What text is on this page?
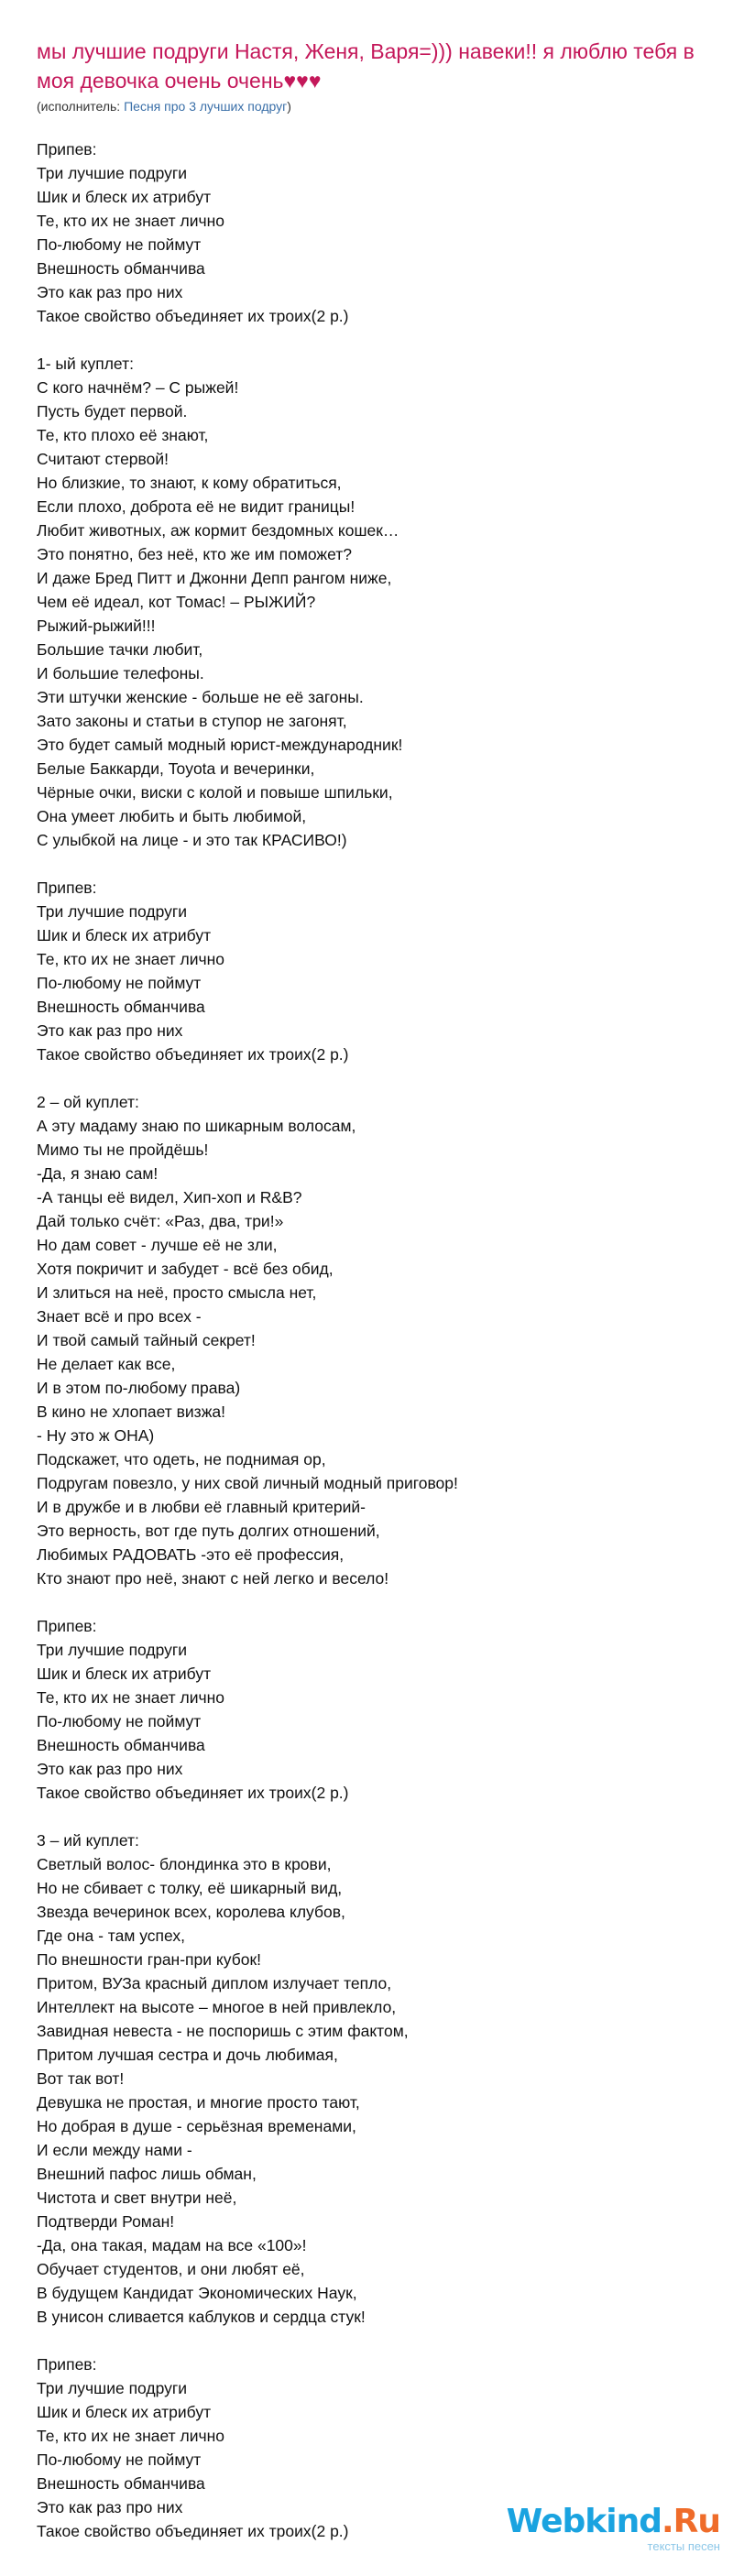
мы лучшие подруги Настя, Женя, Варя=))) навеки!! я люблю тебя в моя девочка очень очень♥♥♥
(исполнитель: Песня про 3 лучших подруг)
Припев:
Три лучшие подруги
Шик и блеск их атрибут
Те, кто их не знает лично
По-любому не поймут
Внешность обманчива
Это как раз про них
Такое свойство объединяет их троих(2 р.)
1- ый куплет:
С кого начнём? – С рыжей!
Пусть будет первой.
Те, кто плохо её знают,
Считают стервой!
Но близкие, то знают, к кому обратиться,
Если плохо, доброта её не видит границы!
Любит животных, аж кормит бездомных кошек…
Это понятно, без неё, кто же им поможет?
И даже Бред Питт и Джонни Депп рангом ниже,
Чем её идеал, кот Томас! – РЫЖИЙ?
Рыжий-рыжий!!!
Большие тачки любит,
И большие телефоны.
Эти штучки женские - больше не её загоны.
Зато законы и статьи в ступор не загонят,
Это будет самый модный юрист-международник!
Белые Баккарди, Toyota и вечеринки,
Чёрные очки, виски с колой и повыше шпильки,
Она умеет любить и быть любимой,
С улыбкой на лице - и это так КРАСИВО!)
Припев:
Три лучшие подруги
Шик и блеск их атрибут
Те, кто их не знает лично
По-любому не поймут
Внешность обманчива
Это как раз про них
Такое свойство объединяет их троих(2 р.)
2 – ой куплет:
А эту мадаму знаю по шикарным волосам,
Мимо ты не пройдёшь!
-Да, я знаю сам!
-А танцы её видел, Хип-хоп и R&B?
Дай только счёт: «Раз, два, три!»
Но дам совет - лучше её не зли,
Хотя покричит и забудет - всё без обид,
И злиться на неё, просто смысла нет,
Знает всё и про всех -
И твой самый тайный секрет!
Не делает как все,
И в этом по-любому права)
В кино не хлопает визжа!
- Ну это ж ОНА)
Подскажет, что одеть, не поднимая ор,
Подругам повезло, у них свой личный модный приговор!
И в дружбе и в любви её главный критерий-
Это верность, вот где путь долгих отношений,
Любимых РАДОВАТЬ -это её профессия,
Кто знают про неё, знают с ней легко и весело!
Припев:
Три лучшие подруги
Шик и блеск их атрибут
Те, кто их не знает лично
По-любому не поймут
Внешность обманчива
Это как раз про них
Такое свойство объединяет их троих(2 р.)
3 – ий куплет:
Светлый волос- блондинка это в крови,
Но не сбивает с толку, её шикарный вид,
Звезда вечеринок всех, королева клубов,
Где она - там успех,
По внешности гран-при кубок!
Притом, ВУЗа красный диплом излучает тепло,
Интеллект на высоте – многое в ней привлекло,
Завидная невеста - не поспоришь с этим фактом,
Притом лучшая сестра и дочь любимая,
Вот так вот!
Девушка не простая, и многие просто тают,
Но добрая в душе - серьёзная временами,
И если между нами -
Внешний пафос лишь обман,
Чистота и свет внутри неё,
Подтверди Роман!
-Да, она такая, мадам на все «100»!
Обучает студентов, и они любят её,
В будущем Кандидат Экономических Наук,
В унисон сливается каблуков и сердца стук!
Припев:
Три лучшие подруги
Шик и блеск их атрибут
Те, кто их не знает лично
По-любому не поймут
Внешность обманчива
Это как раз про них
Такое свойство объединяет их троих(2 р.)	Webkind.Ru
тексты песен
